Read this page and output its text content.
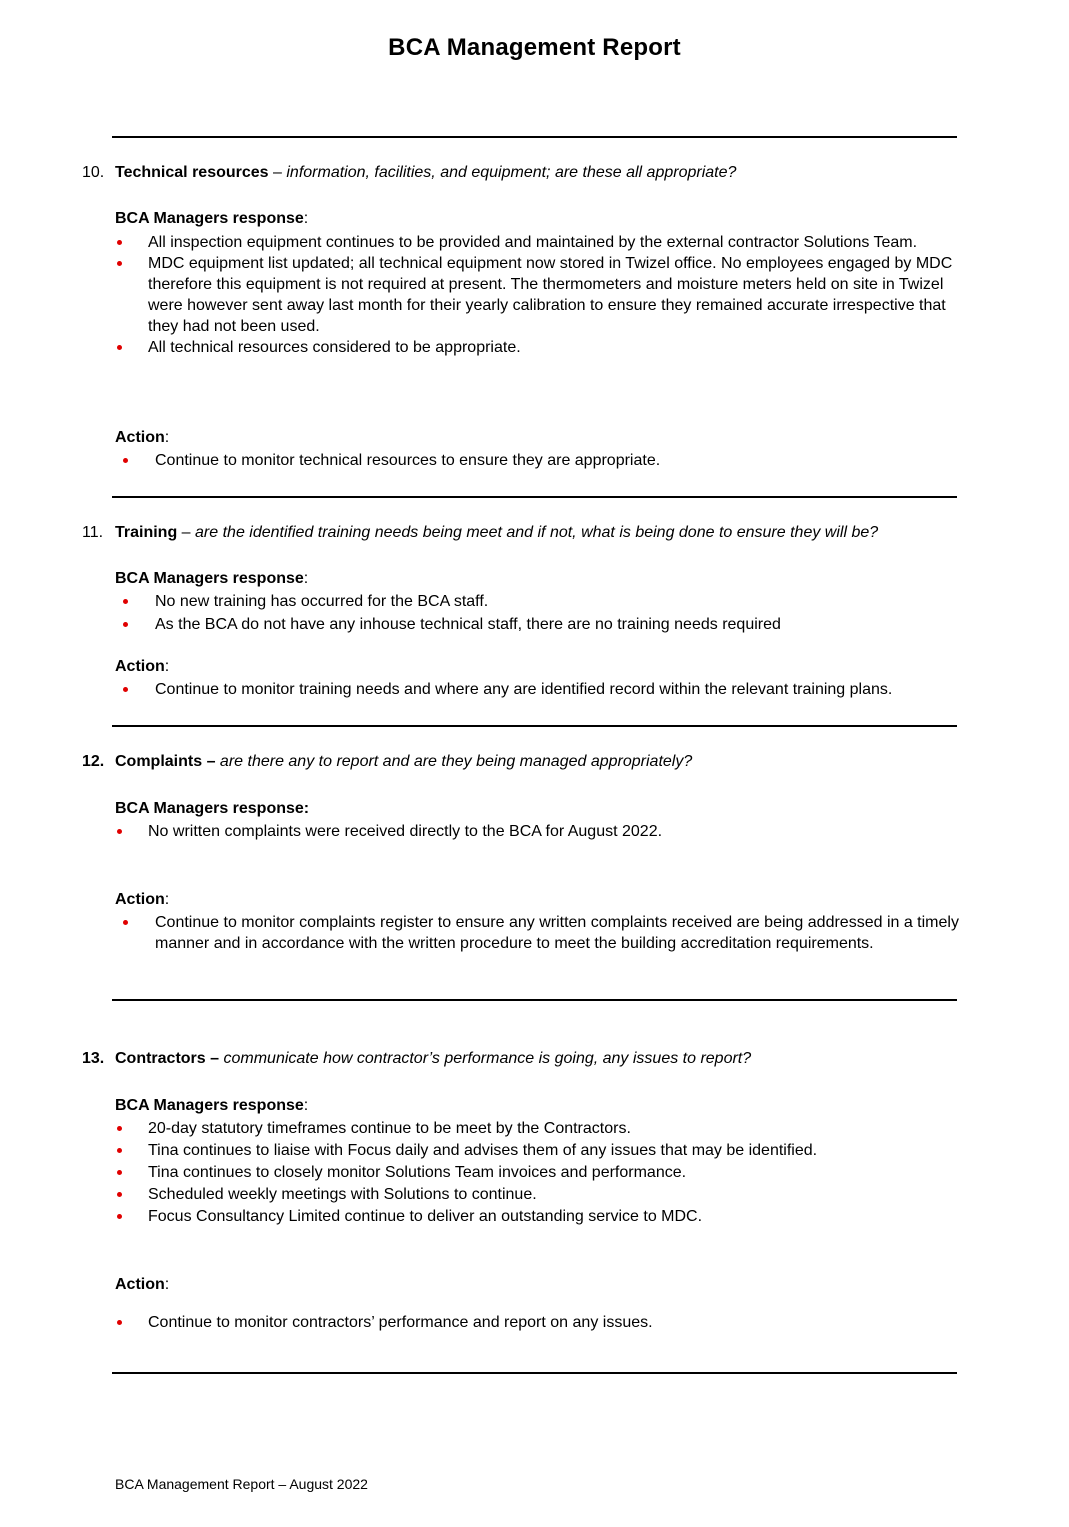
BCA Management Report
10. Technical resources – information, facilities, and equipment; are these all appropriate?
BCA Managers response:
All inspection equipment continues to be provided and maintained by the external contractor Solutions Team.
MDC equipment list updated; all technical equipment now stored in Twizel office. No employees engaged by MDC therefore this equipment is not required at present. The thermometers and moisture meters held on site in Twizel were however sent away last month for their yearly calibration to ensure they remained accurate irrespective that they had not been used.
All technical resources considered to be appropriate.
Action:
Continue to monitor technical resources to ensure they are appropriate.
11. Training – are the identified training needs being meet and if not, what is being done to ensure they will be?
BCA Managers response:
No new training has occurred for the BCA staff.
As the BCA do not have any inhouse technical staff, there are no training needs required
Action:
Continue to monitor training needs and where any are identified record within the relevant training plans.
12. Complaints – are there any to report and are they being managed appropriately?
BCA Managers response:
No written complaints were received directly to the BCA for August 2022.
Action:
Continue to monitor complaints register to ensure any written complaints received are being addressed in a timely manner and in accordance with the written procedure to meet the building accreditation requirements.
13. Contractors – communicate how contractor’s performance is going, any issues to report?
BCA Managers response:
20-day statutory timeframes continue to be meet by the Contractors.
Tina continues to liaise with Focus daily and advises them of any issues that may be identified.
Tina continues to closely monitor Solutions Team invoices and performance.
Scheduled weekly meetings with Solutions to continue.
Focus Consultancy Limited continue to deliver an outstanding service to MDC.
Action:
Continue to monitor contractors’ performance and report on any issues.
BCA Management Report – August 2022
